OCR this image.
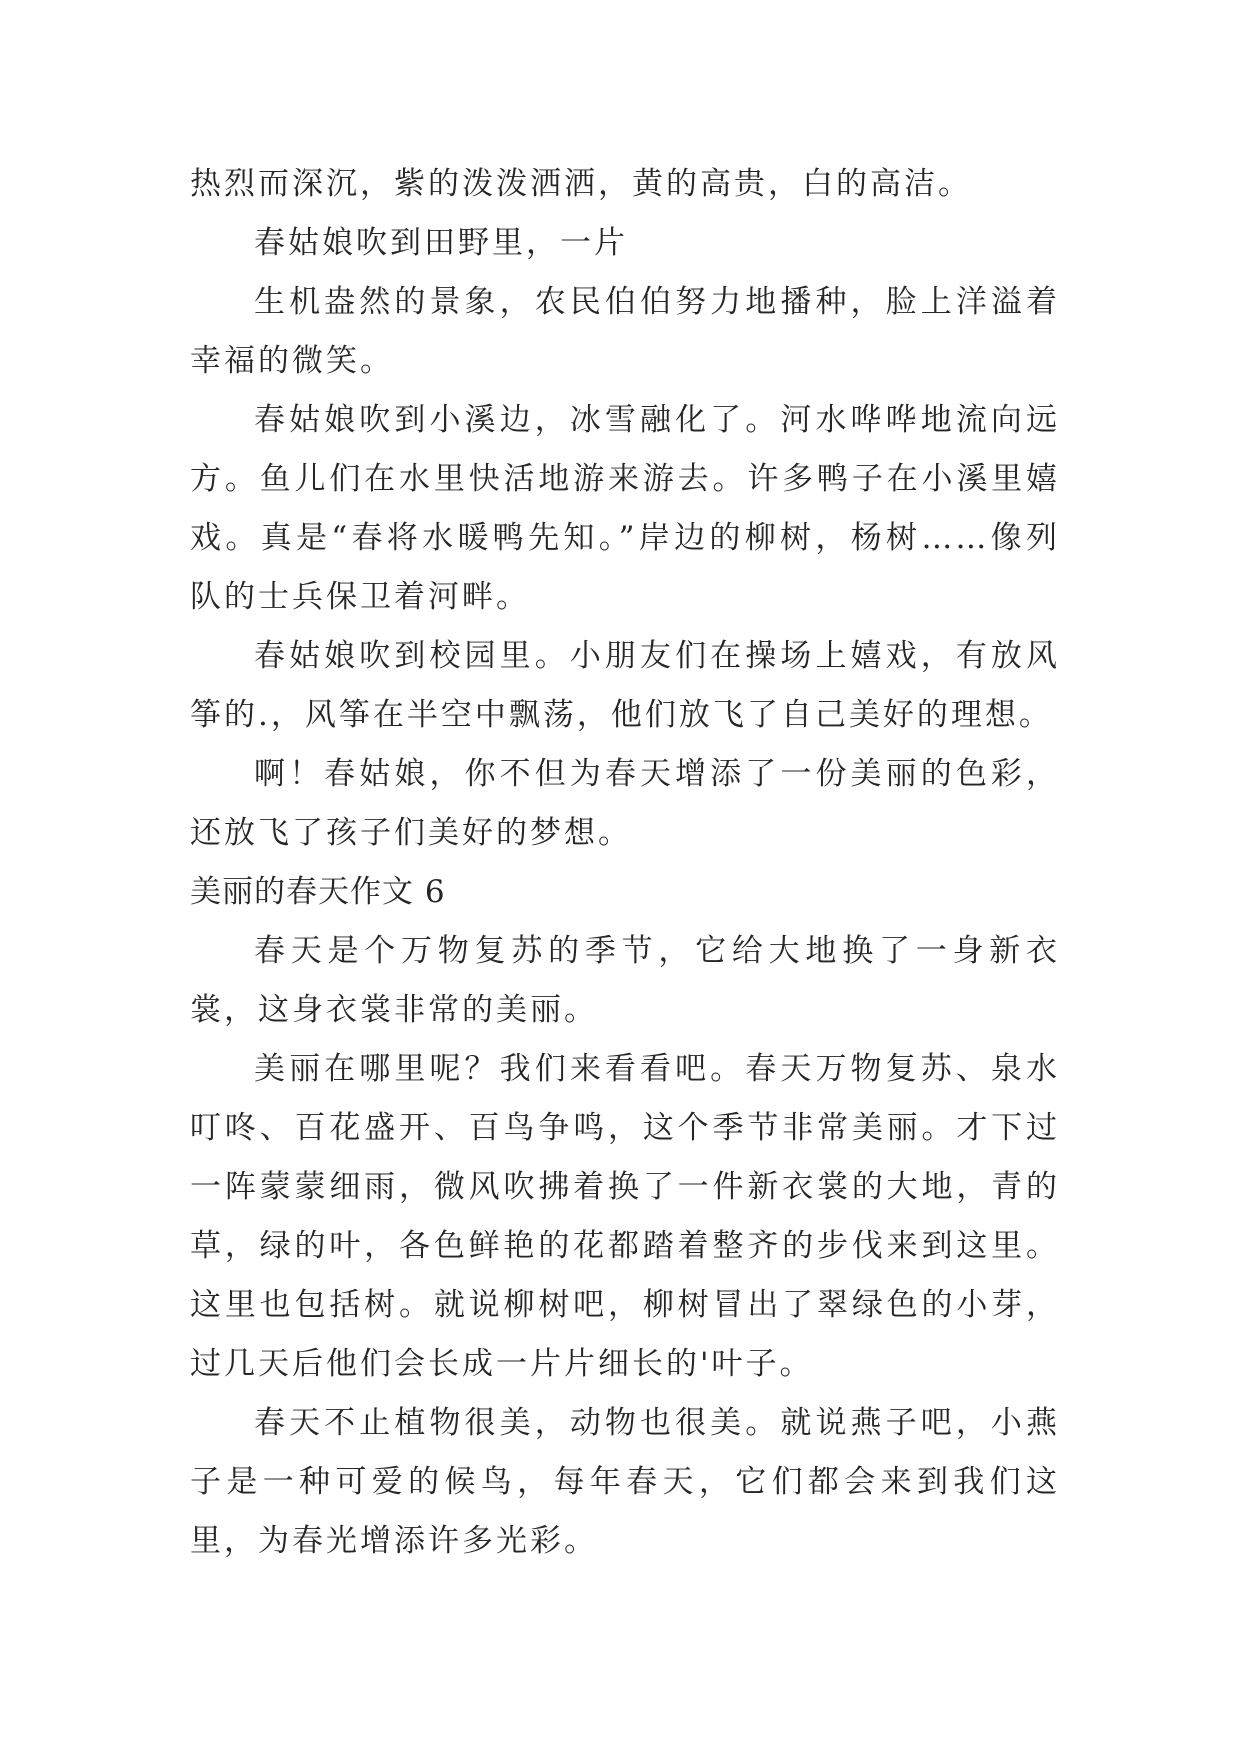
热烈而深沉，紫的泼泼洒洒，黄的高贵，白的高洁。

春姑娘吹到田野里，一片

生机盎然的景象，农民伯伯努力地播种，脸上洋溢着幸福的微笑。

春姑娘吹到小溪边，冰雪融化了。河水哗哗地流向远方。鱼儿们在水里快活地游来游去。许多鸭子在小溪里嬉戏。真是“春将水暖鸭先知。”岸边的柳树，杨树……像列队的士兵保卫着河畔。

春姑娘吹到校园里。小朋友们在操场上嬉戏，有放风筝的.，风筝在半空中飘荡，他们放飞了自己美好的理想。

啊！春姑娘，你不但为春天增添了一份美丽的色彩，还放飞了孩子们美好的梦想。

美丽的春天作文 6

春天是个万物复苏的季节，它给大地换了一身新衣裳，这身衣裳非常的美丽。

美丽在哪里呢？我们来看看吧。春天万物复苏、泉水叮咚、百花盛开、百鸟争鸣，这个季节非常美丽。才下过一阵蒙蒙细雨，微风吹拂着换了一件新衣裳的大地，青的草，绿的叶，各色鲜艳的花都踏着整齐的步伐来到这里。这里也包括树。就说柳树吧，柳树冒出了翠绿色的小芽，过几天后他们会长成一片片细长的'叶子。

春天不止植物很美，动物也很美。就说燕子吧，小燕子是一种可爱的候鸟，每年春天，它们都会来到我们这里，为春光增添许多光彩。
